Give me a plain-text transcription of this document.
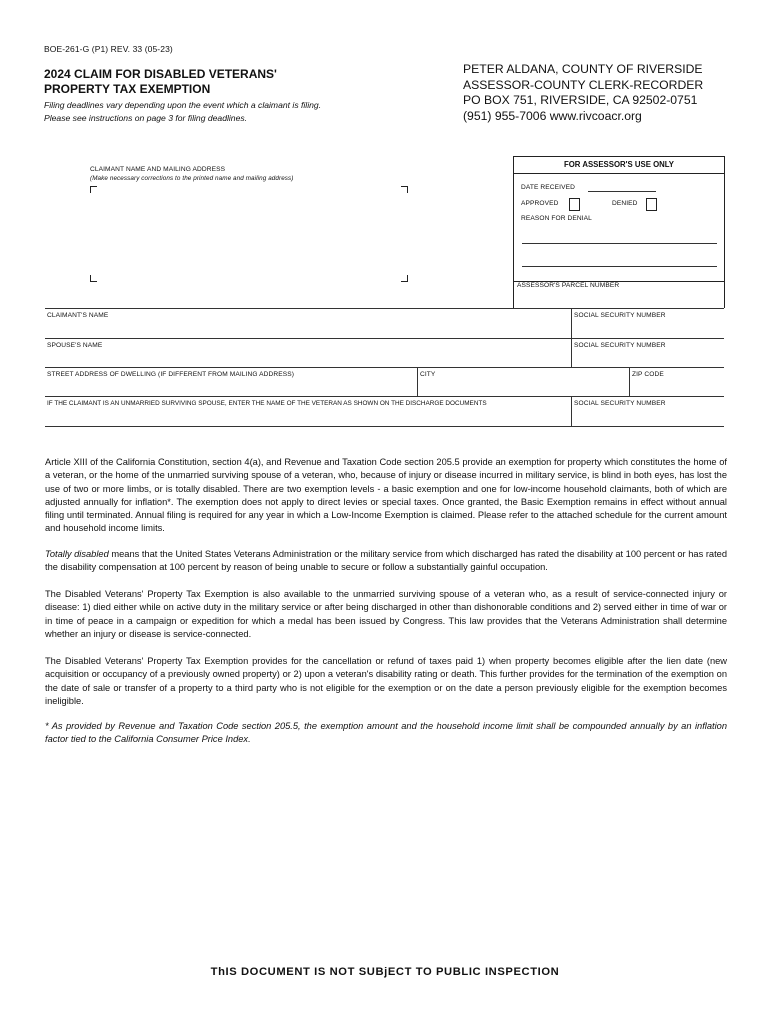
BOE-261-G (P1) REV. 33 (05-23)
2024 CLAIM FOR DISABLED VETERANS'
PROPERTY TAX EXEMPTION
Filing deadlines vary depending upon the event which a claimant is filing.
Please see instructions on page 3 for filing deadlines.
PETER ALDANA, COUNTY OF RIVERSIDE
ASSESSOR-COUNTY CLERK-RECORDER
PO BOX 751, RIVERSIDE, CA 92502-0751
(951) 955-7006 www.rivcoacr.org
CLAIMANT NAME AND MAILING ADDRESS
(Make necessary corrections to the printed name and mailing address)
FOR ASSESSOR'S USE ONLY
DATE RECEIVED
APPROVED	DENIED
REASON FOR DENIAL
ASSESSOR'S PARCEL NUMBER
CLAIMANT'S NAME	SOCIAL SECURITY NUMBER
SPOUSE'S NAME	SOCIAL SECURITY NUMBER
STREET ADDRESS OF DWELLING (IF DIFFERENT FROM MAILING ADDRESS)	CITY	ZIP CODE
IF THE CLAIMANT IS AN UNMARRIED SURVIVING SPOUSE, ENTER THE NAME OF THE VETERAN AS SHOWN ON THE DISCHARGE DOCUMENTS	SOCIAL SECURITY NUMBER
Article XIII of the California Constitution, section 4(a), and Revenue and Taxation Code section 205.5 provide an exemption for property which constitutes the home of a veteran, or the home of the unmarried surviving spouse of a veteran, who, because of injury or disease incurred in military service, is blind in both eyes, has lost the use of two or more limbs, or is totally disabled. There are two exemption levels - a basic exemption and one for low-income household claimants, both of which are adjusted annually for inflation*. The exemption does not apply to direct levies or special taxes. Once granted, the Basic Exemption remains in effect without annual filing until terminated. Annual filing is required for any year in which a Low-Income Exemption is claimed. Please refer to the attached schedule for the current amount and household income limits.
Totally disabled means that the United States Veterans Administration or the military service from which discharged has rated the disability at 100 percent or has rated the disability compensation at 100 percent by reason of being unable to secure or follow a substantially gainful occupation.
The Disabled Veterans' Property Tax Exemption is also available to the unmarried surviving spouse of a veteran who, as a result of service-connected injury or disease: 1) died either while on active duty in the military service or after being discharged in other than dishonorable conditions and 2) served either in time of war or in time of peace in a campaign or expedition for which a medal has been issued by Congress. This law provides that the Veterans Administration shall determine whether an injury or disease is service-connected.
The Disabled Veterans' Property Tax Exemption provides for the cancellation or refund of taxes paid 1) when property becomes eligible after the lien date (new acquisition or occupancy of a previously owned property) or 2) upon a veteran's disability rating or death. This further provides for the termination of the exemption on the date of sale or transfer of a property to a third party who is not eligible for the exemption or on the date a person previously eligible for the exemption becomes ineligible.
* As provided by Revenue and Taxation Code section 205.5, the exemption amount and the household income limit shall be compounded annually by an inflation factor tied to the California Consumer Price Index.
ThIS DOCUMENT IS NOT SUBjECT TO PUBLIC INSPECTION
